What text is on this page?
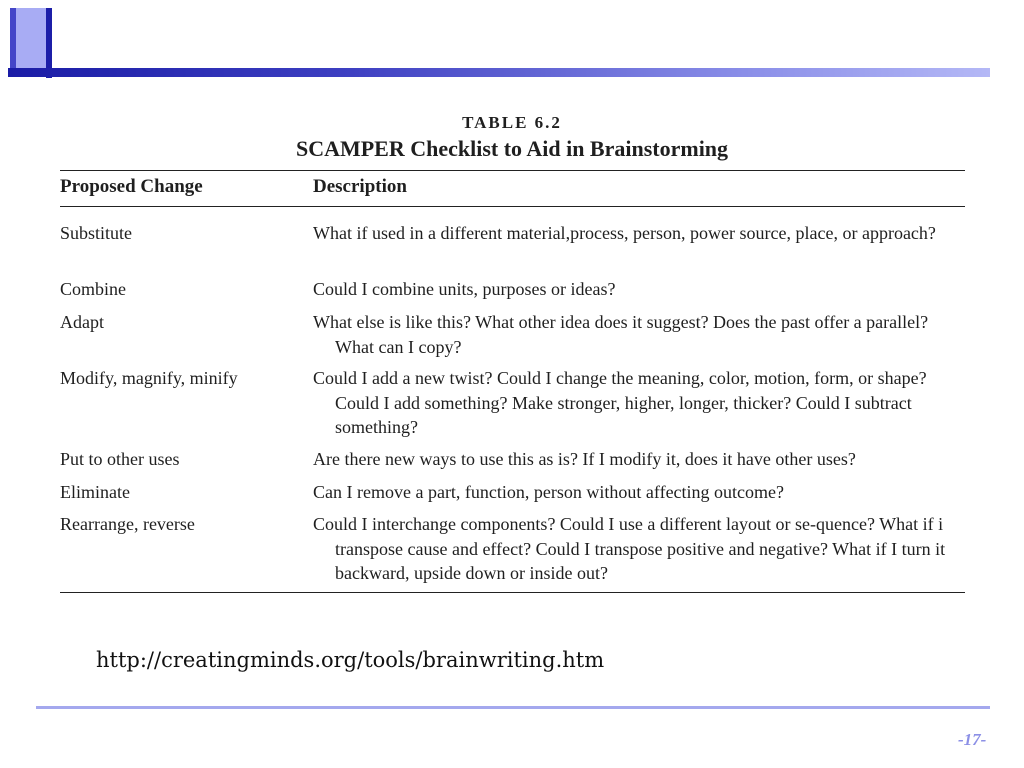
TABLE 6.2
SCAMPER Checklist to Aid in Brainstorming
Proposed Change	Description
Substitute	What if used in a different material,process, person, power source, place, or approach?
Combine	Could I combine units, purposes or ideas?
Adapt	What else is like this? What other idea does it suggest? Does the past offer a parallel? What can I copy?
Modify, magnify, minify	Could I add a new twist? Could I change the meaning, color, motion, form, or shape? Could I add something? Make stronger, higher, longer, thicker? Could I subtract something?
Put to other uses	Are there new ways to use this as is? If I modify it, does it have other uses?
Eliminate	Can I remove a part, function, person without affecting outcome?
Rearrange, reverse	Could I interchange components? Could I use a different layout or se-quence? What if i transpose cause and effect? Could I transpose positive and negative? What if I turn it backward, upside down or inside out?
http://creatingminds.org/tools/brainwriting.htm
-17-
